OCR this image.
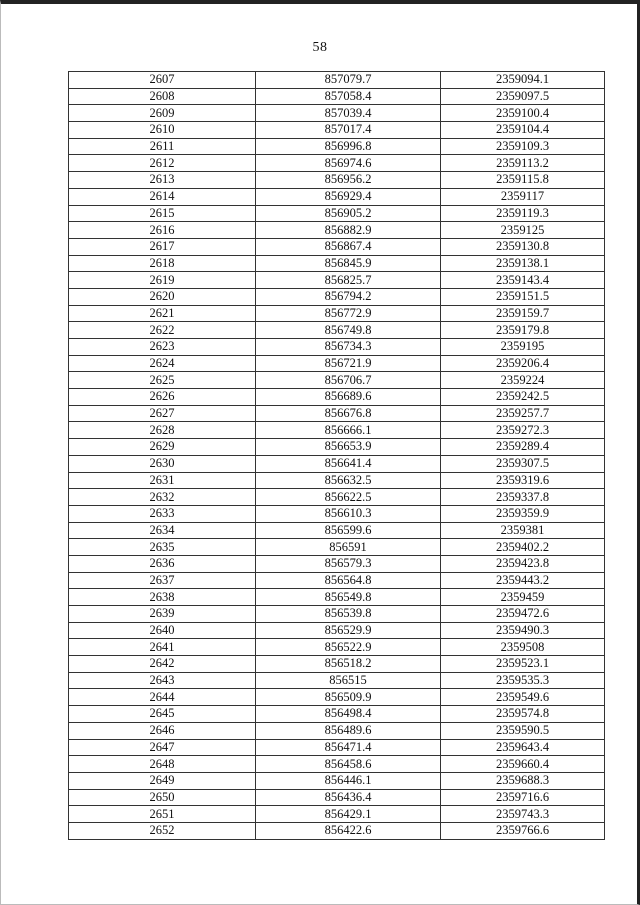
58
2607	857079.7	2359094.1
2608	857058.4	2359097.5
2609	857039.4	2359100.4
2610	857017.4	2359104.4
2611	856996.8	2359109.3
2612	856974.6	2359113.2
2613	856956.2	2359115.8
2614	856929.4	2359117
2615	856905.2	2359119.3
2616	856882.9	2359125
2617	856867.4	2359130.8
2618	856845.9	2359138.1
2619	856825.7	2359143.4
2620	856794.2	2359151.5
2621	856772.9	2359159.7
2622	856749.8	2359179.8
2623	856734.3	2359195
2624	856721.9	2359206.4
2625	856706.7	2359224
2626	856689.6	2359242.5
2627	856676.8	2359257.7
2628	856666.1	2359272.3
2629	856653.9	2359289.4
2630	856641.4	2359307.5
2631	856632.5	2359319.6
2632	856622.5	2359337.8
2633	856610.3	2359359.9
2634	856599.6	2359381
2635	856591	2359402.2
2636	856579.3	2359423.8
2637	856564.8	2359443.2
2638	856549.8	2359459
2639	856539.8	2359472.6
2640	856529.9	2359490.3
2641	856522.9	2359508
2642	856518.2	2359523.1
2643	856515	2359535.3
2644	856509.9	2359549.6
2645	856498.4	2359574.8
2646	856489.6	2359590.5
2647	856471.4	2359643.4
2648	856458.6	2359660.4
2649	856446.1	2359688.3
2650	856436.4	2359716.6
2651	856429.1	2359743.3
2652	856422.6	2359766.6
